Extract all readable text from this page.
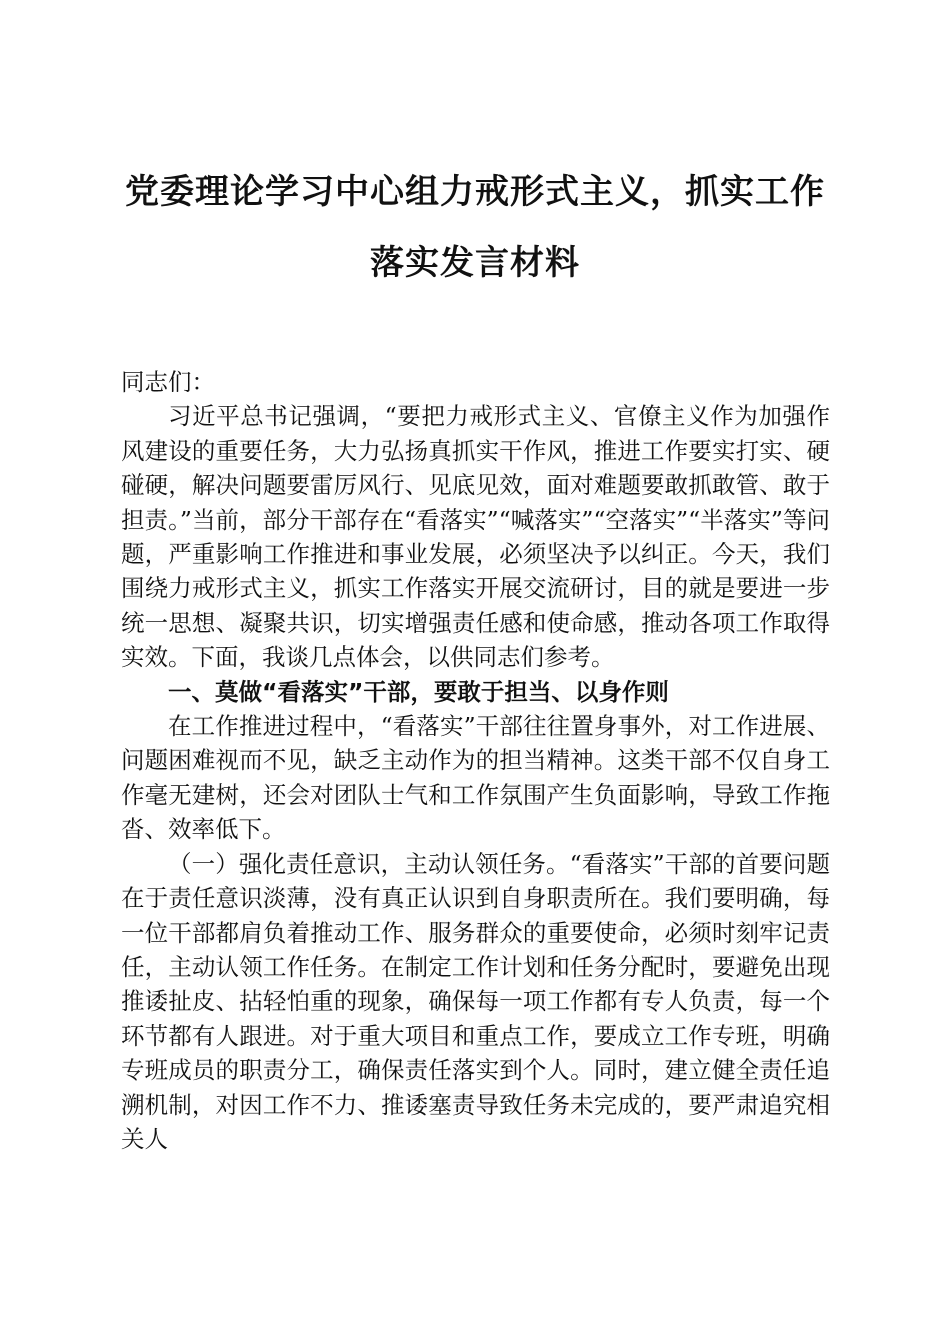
党委理论学习中心组力戒形式主义，抓实工作
落实发言材料

同志们：

习近平总书记强调，“要把力戒形式主义、官僚主义作为加强作风建设的重要任务，大力弘扬真抓实干作风，推进工作要实打实、硬碰硬，解决问题要雷厉风行、见底见效，面对难题要敢抓敢管、敢于担责。”当前，部分干部存在“看落实”“喊落实”“空落实”“半落实”等问题，严重影响工作推进和事业发展，必须坚决予以纠正。今天，我们围绕力戒形式主义，抓实工作落实开展交流研讨，目的就是要进一步统一思想、凝聚共识，切实增强责任感和使命感，推动各项工作取得实效。下面，我谈几点体会，以供同志们参考。

一、莫做“看落实”干部，要敢于担当、以身作则

在工作推进过程中，“看落实”干部往往置身事外，对工作进展、问题困难视而不见，缺乏主动作为的担当精神。这类干部不仅自身工作毫无建树，还会对团队士气和工作氛围产生负面影响，导致工作拖沓、效率低下。

（一）强化责任意识，主动认领任务。“看落实”干部的首要问题在于责任意识淡薄，没有真正认识到自身职责所在。我们要明确，每一位干部都肩负着推动工作、服务群众的重要使命，必须时刻牢记责任，主动认领工作任务。在制定工作计划和任务分配时，要避免出现推诿扯皮、拈轻怕重的现象，确保每一项工作都有专人负责，每一个环节都有人跟进。对于重大项目和重点工作，要成立工作专班，明确专班成员的职责分工，确保责任落实到个人。同时，建立健全责任追溯机制，对因工作不力、推诿塞责导致任务未完成的，要严肃追究相关人
